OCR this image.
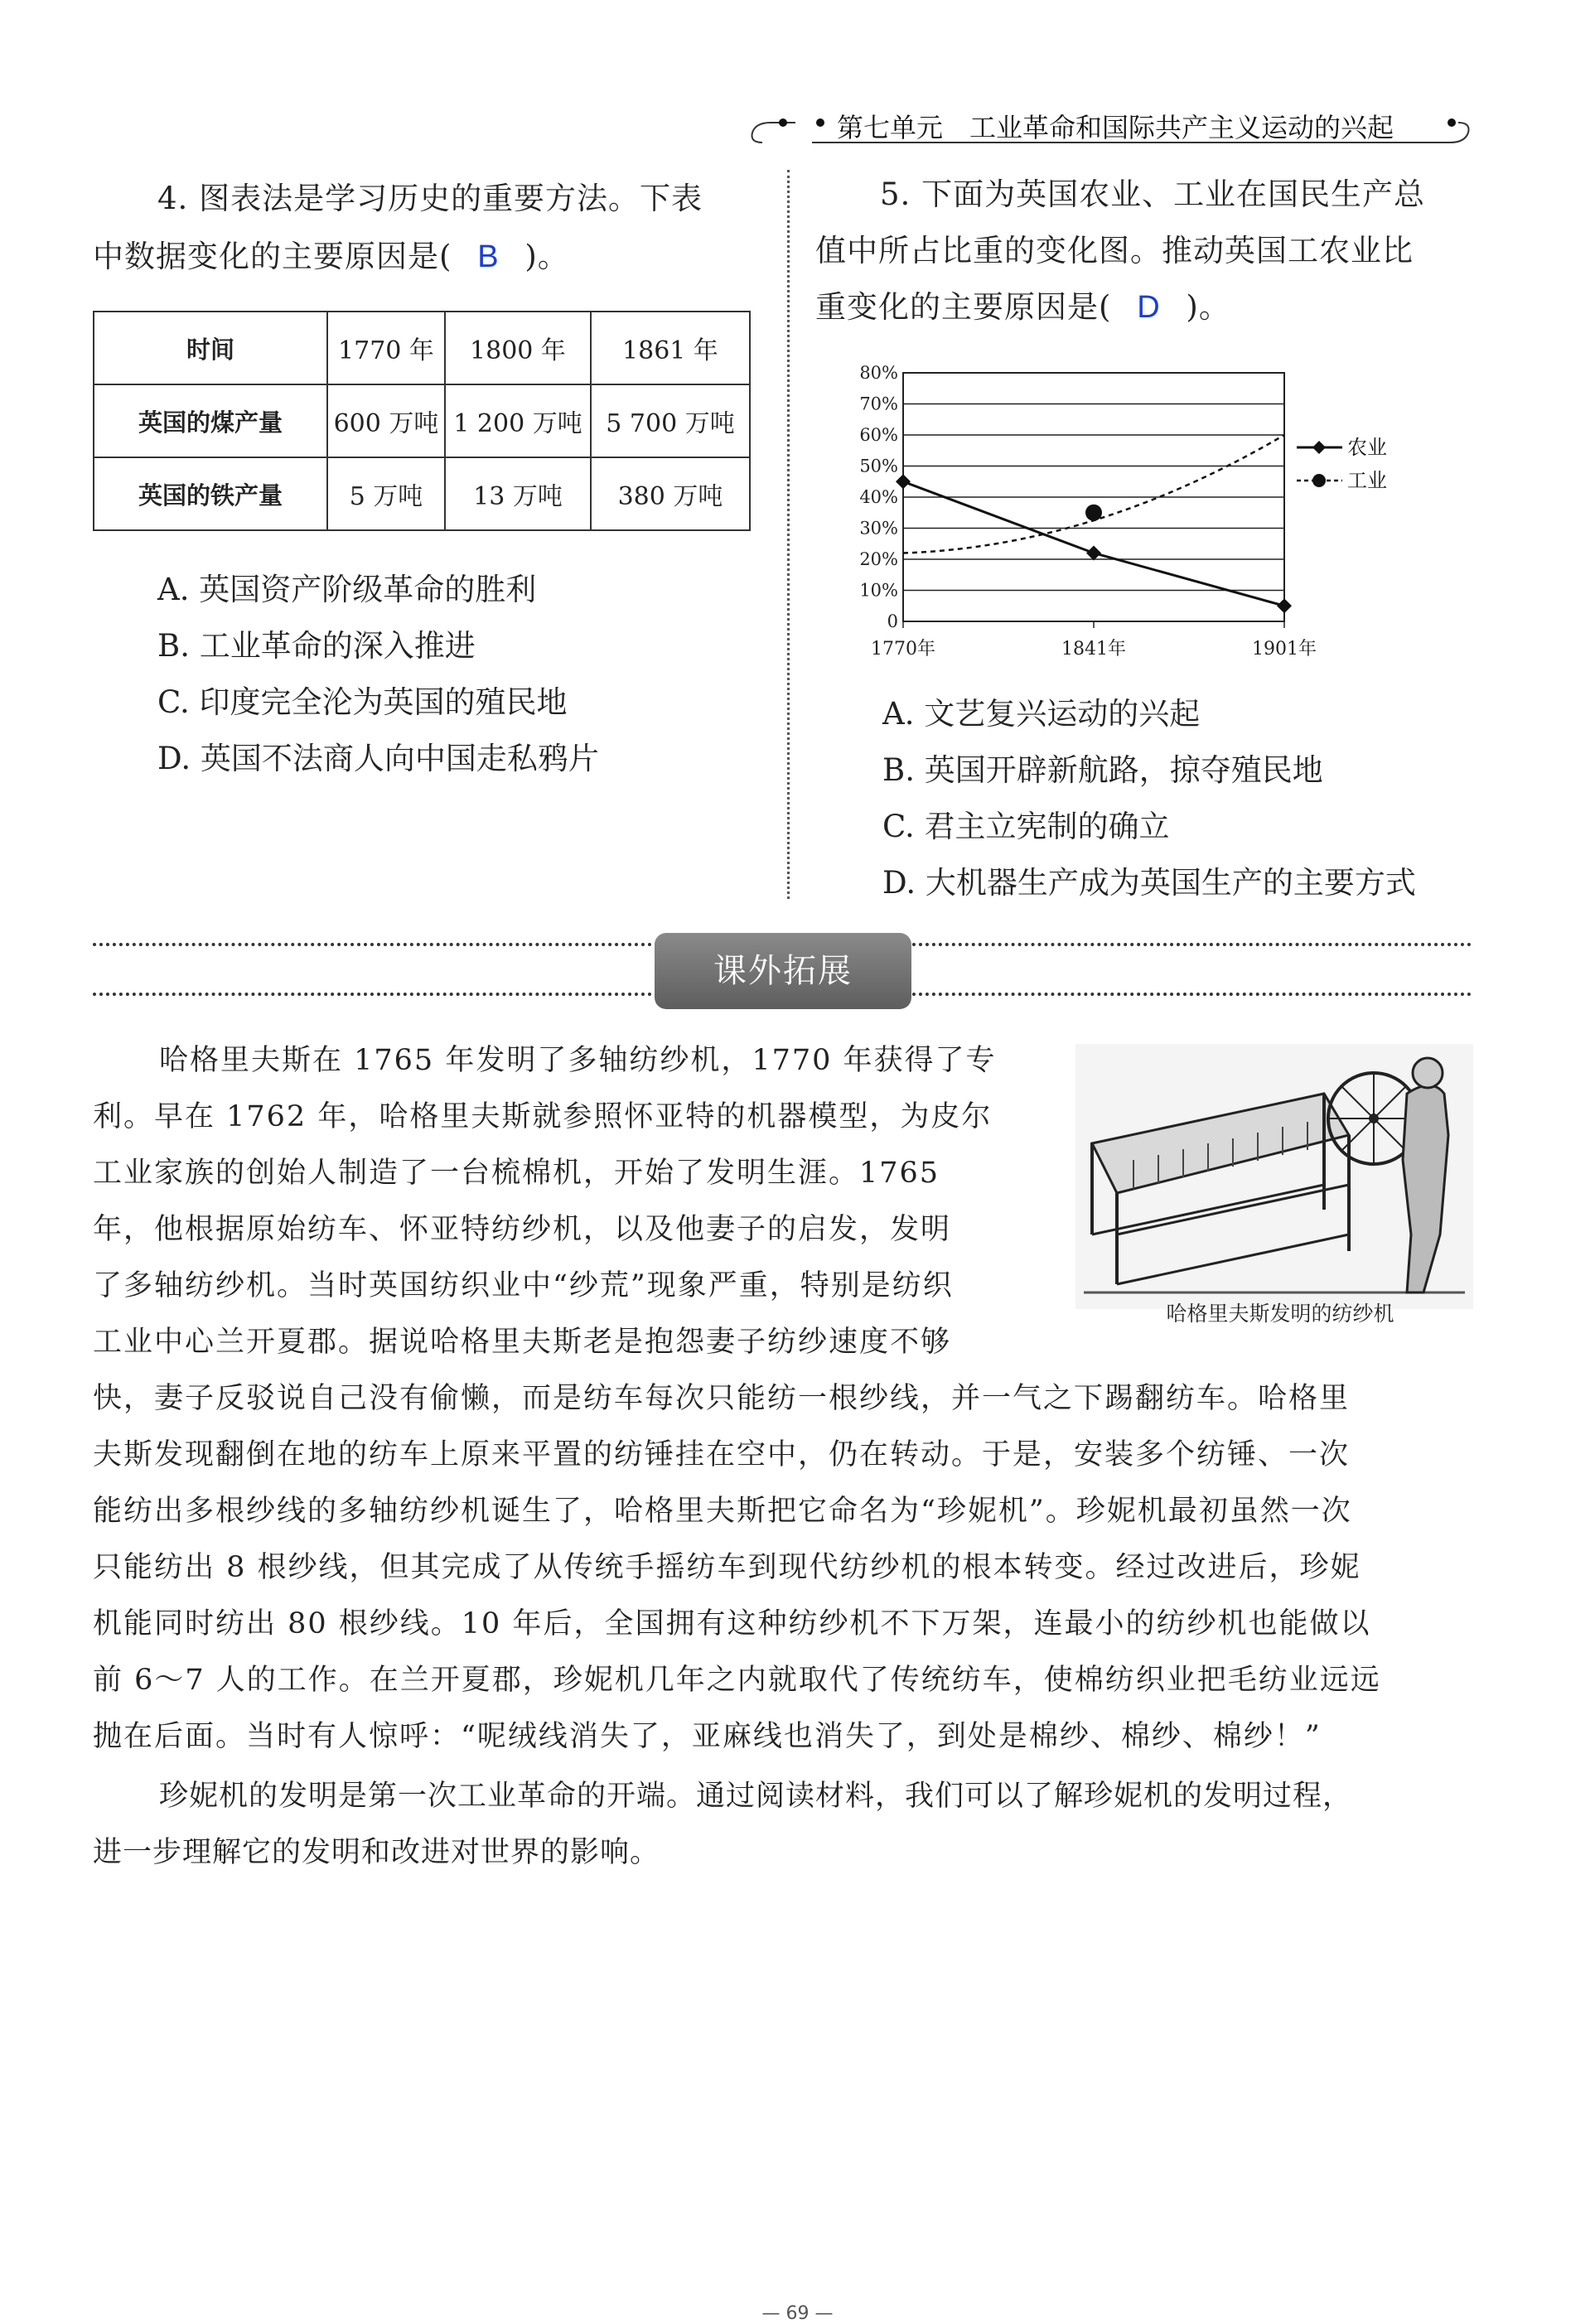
第七单元　工业革命和国际共产主义运动的兴起
4. 图表法是学习历史的重要方法。下表
中数据变化的主要原因是( B )。
时间	1770 年	1800 年	1861 年
英国的煤产量	600 万吨	1 200 万吨	5 700 万吨
英国的铁产量	5 万吨	13 万吨	380 万吨
A. 英国资产阶级革命的胜利
B. 工业革命的深入推进
C. 印度完全沦为英国的殖民地
D. 英国不法商人向中国走私鸦片
5. 下面为英国农业、工业在国民生产总
值中所占比重的变化图。推动英国工农业比
重变化的主要原因是( D )。
0
10%
20%
30%
40%
50%
60%
70%
80%
1770年	1841年	1901年
农业
工业
A. 文艺复兴运动的兴起
B. 英国开辟新航路，掠夺殖民地
C. 君主立宪制的确立
D. 大机器生产成为英国生产的主要方式
课外拓展
哈格里夫斯在 1765 年发明了多轴纺纱机，1770 年获得了专
利。早在 1762 年，哈格里夫斯就参照怀亚特的机器模型，为皮尔
工业家族的创始人制造了一台梳棉机，开始了发明生涯。1765
年，他根据原始纺车、怀亚特纺纱机，以及他妻子的启发，发明
了多轴纺纱机。当时英国纺织业中“纱荒”现象严重，特别是纺织
工业中心兰开夏郡。据说哈格里夫斯老是抱怨妻子纺纱速度不够
哈格里夫斯发明的纺纱机
快，妻子反驳说自己没有偷懒，而是纺车每次只能纺一根纱线，并一气之下踢翻纺车。哈格里
夫斯发现翻倒在地的纺车上原来平置的纺锤挂在空中，仍在转动。于是，安装多个纺锤、一次
能纺出多根纱线的多轴纺纱机诞生了，哈格里夫斯把它命名为“珍妮机”。珍妮机最初虽然一次
只能纺出 8 根纱线，但其完成了从传统手摇纺车到现代纺纱机的根本转变。经过改进后，珍妮
机能同时纺出 80 根纱线。10 年后，全国拥有这种纺纱机不下万架，连最小的纺纱机也能做以
前 6～7 人的工作。在兰开夏郡，珍妮机几年之内就取代了传统纺车，使棉纺织业把毛纺业远远
抛在后面。当时有人惊呼：“呢绒线消失了，亚麻线也消失了，到处是棉纱、棉纱、棉纱！”
珍妮机的发明是第一次工业革命的开端。通过阅读材料，我们可以了解珍妮机的发明过程，
进一步理解它的发明和改进对世界的影响。
— 69 —
